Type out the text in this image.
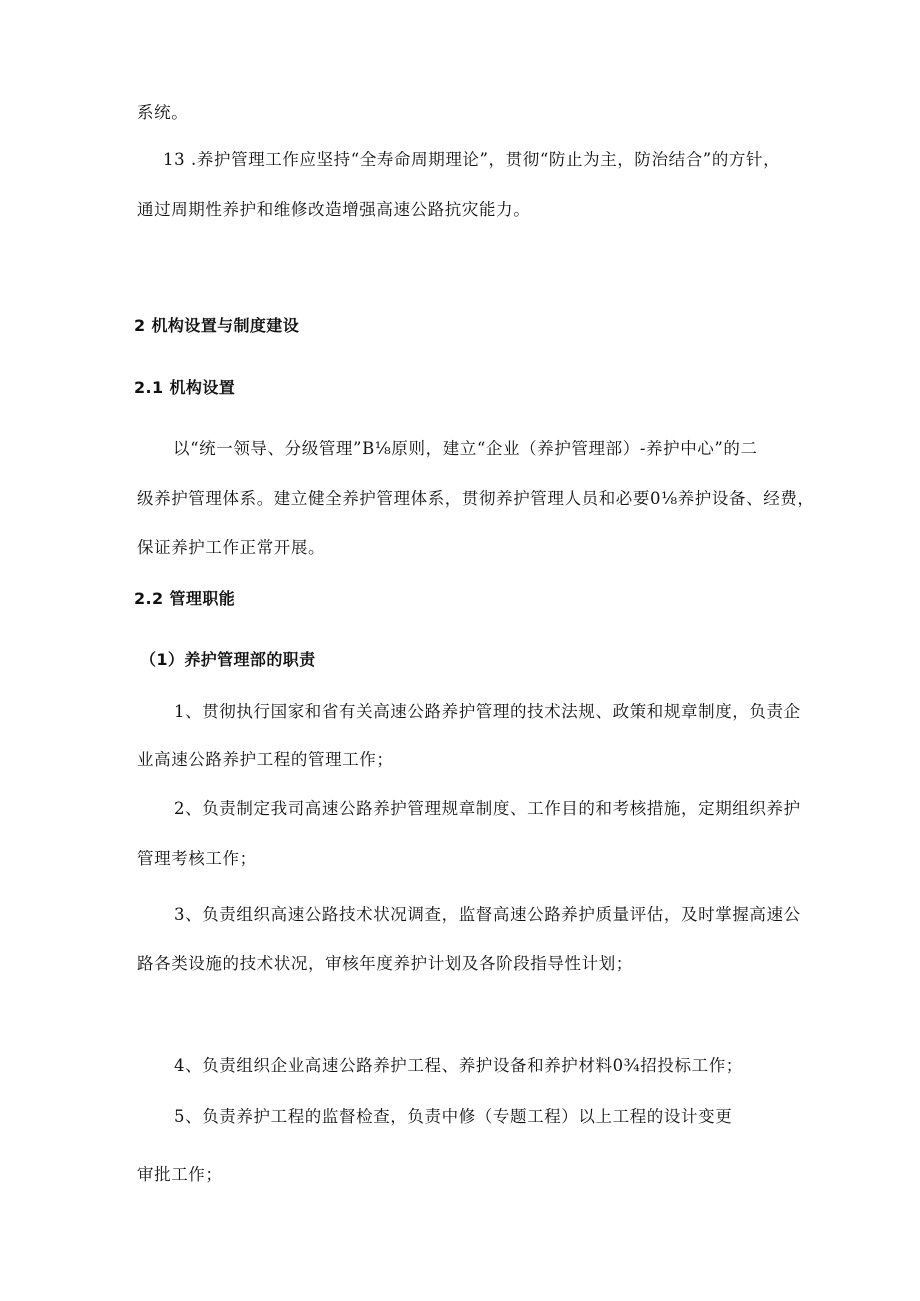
系统。
13 .养护管理工作应坚持“全寿命周期理论”，贯彻“防止为主，防治结合”的方针，
通过周期性养护和维修改造增强高速公路抗灾能力。
2 机构设置与制度建设
2.1 机构设置
以“统一领导、分级管理”B⅛原则，建立“企业（养护管理部）-养护中心”的二
级养护管理体系。建立健全养护管理体系，贯彻养护管理人员和必要0⅛养护设备、经费，
保证养护工作正常开展。
2.2 管理职能
（1）养护管理部的职责
1、贯彻执行国家和省有关高速公路养护管理的技术法规、政策和规章制度，负责企
业高速公路养护工程的管理工作；
2、负责制定我司高速公路养护管理规章制度、工作目的和考核措施，定期组织养护
管理考核工作；
3、负责组织高速公路技术状况调查，监督高速公路养护质量评估，及时掌握高速公
路各类设施的技术状况，审核年度养护计划及各阶段指导性计划；
4、负责组织企业高速公路养护工程、养护设备和养护材料0¾招投标工作；
5、负责养护工程的监督检查，负责中修（专题工程）以上工程的设计变更
审批工作；
